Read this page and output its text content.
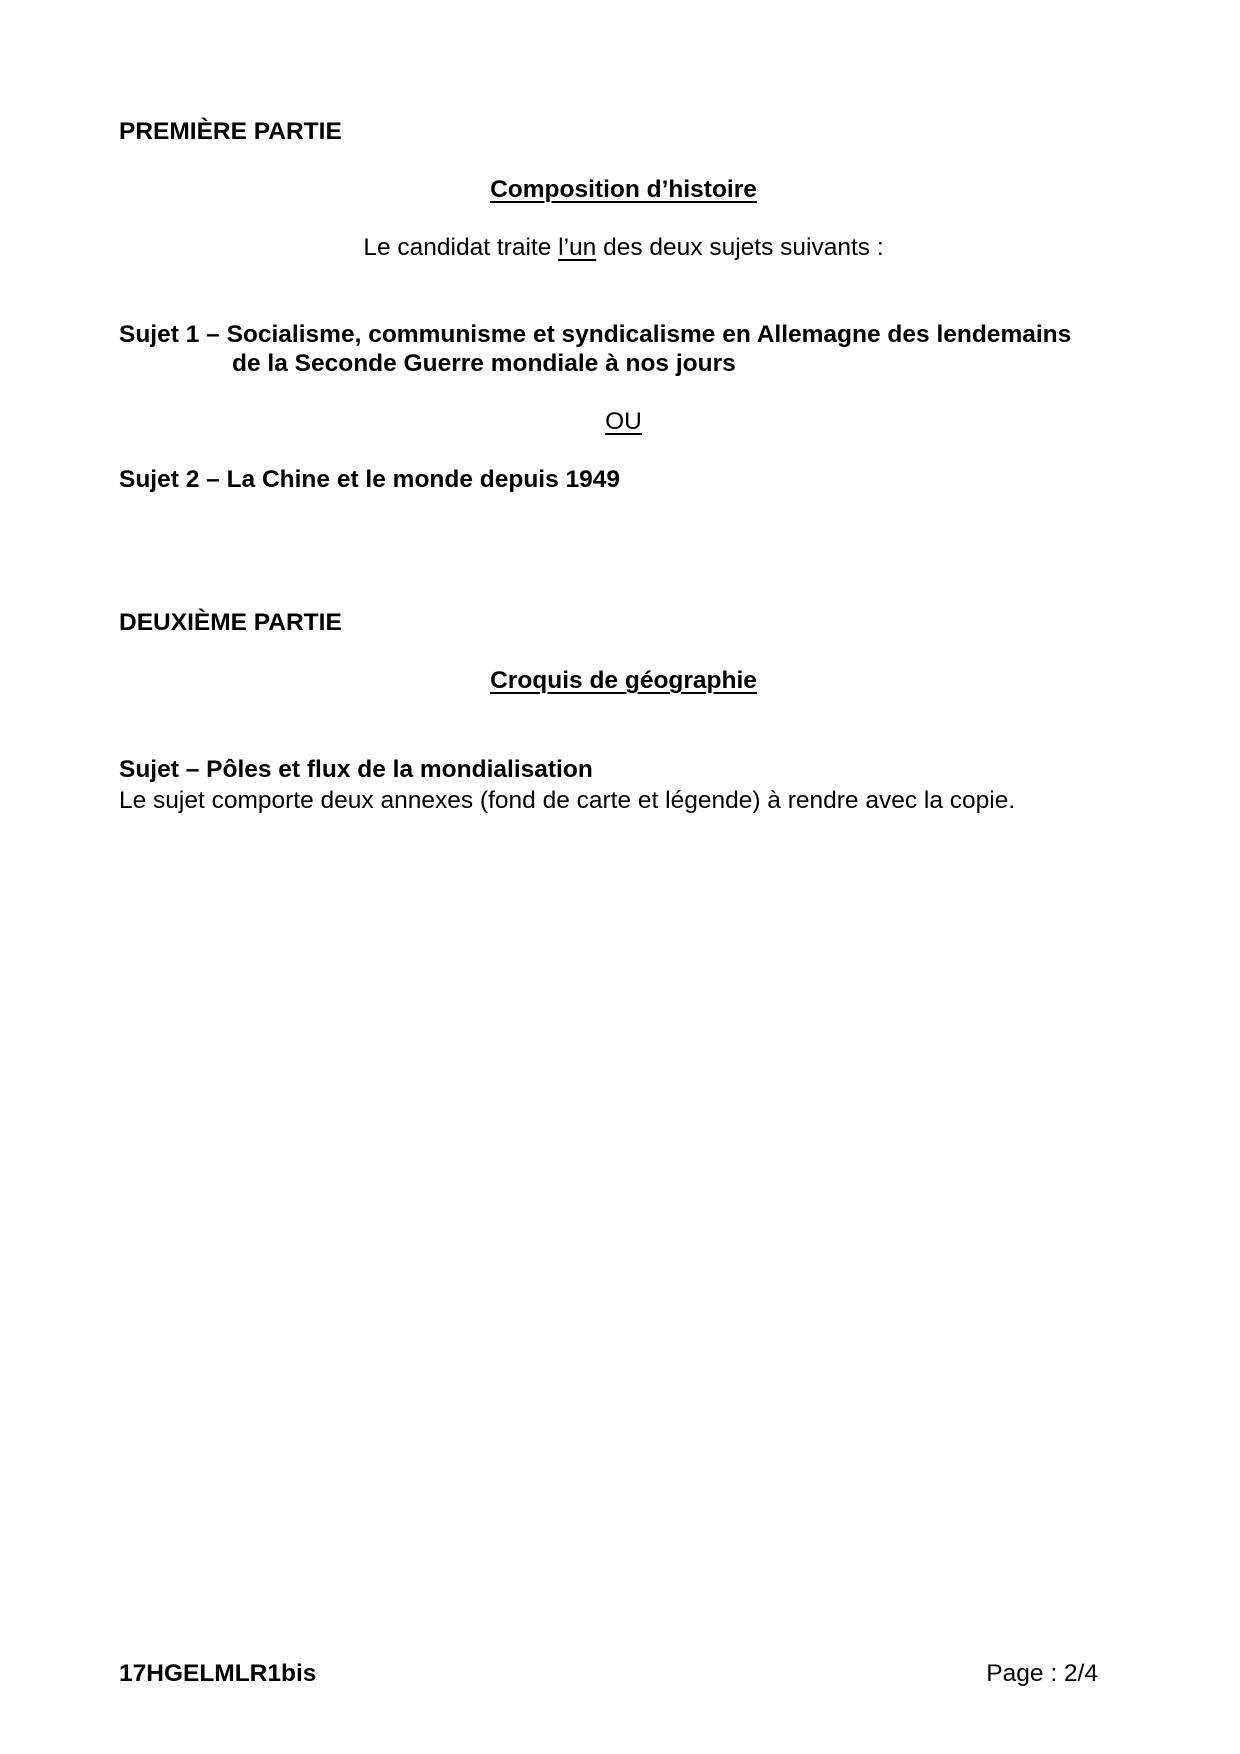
PREMIÈRE PARTIE
Composition d’histoire
Le candidat traite l’un des deux sujets suivants :
Sujet 1 – Socialisme, communisme et syndicalisme en Allemagne des lendemains
de la Seconde Guerre mondiale à nos jours
OU
Sujet 2 – La Chine et le monde depuis 1949
DEUXIÈME PARTIE
Croquis de géographie
Sujet – Pôles et flux de la mondialisation
Le sujet comporte deux annexes (fond de carte et légende) à rendre avec la copie.
17HGELMLR1bis	Page : 2/4
